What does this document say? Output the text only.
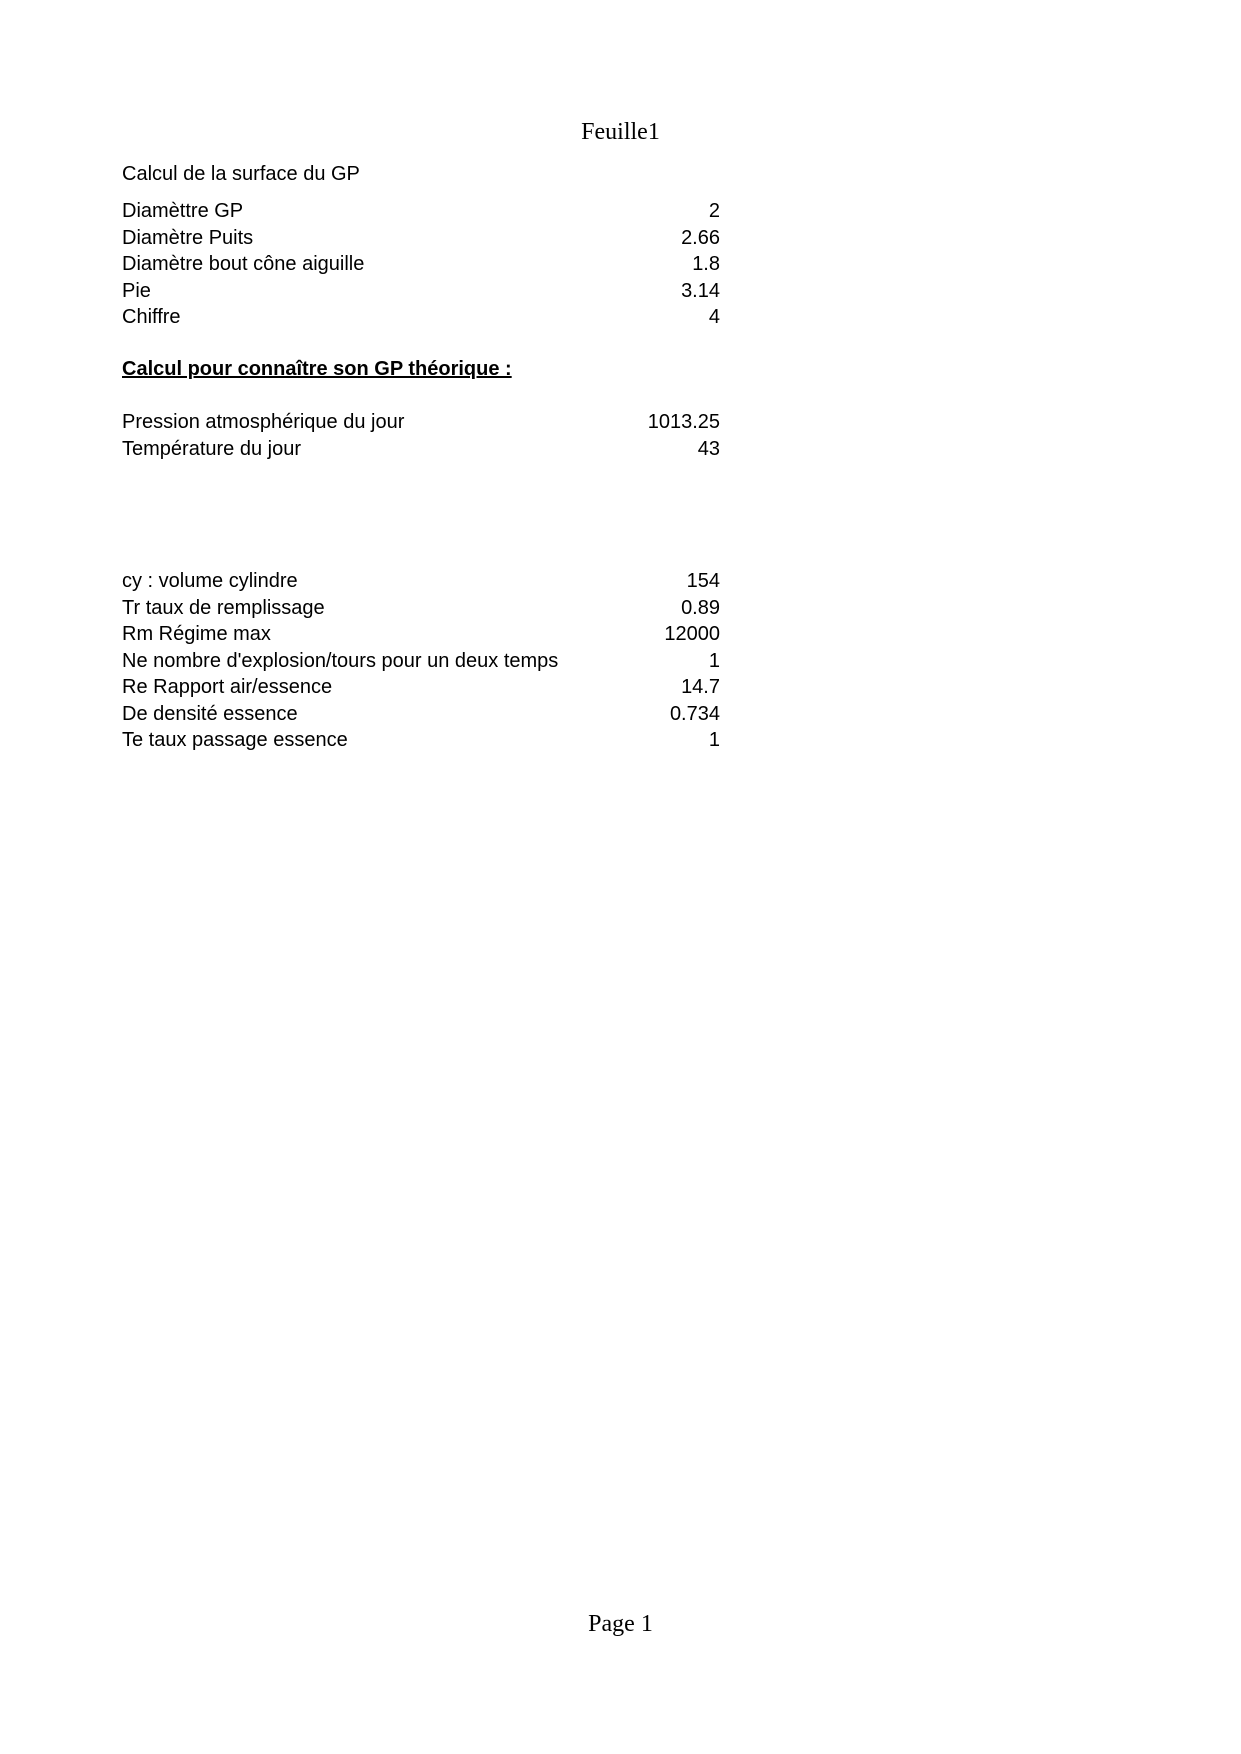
Feuille1
Calcul de la surface du GP
Diamèttre GP	2
Diamètre Puits	2.66
Diamètre bout cône aiguille	1.8
Pie	3.14
Chiffre	4
Calcul pour connaître son GP théorique :
Pression atmosphérique du jour	1013.25
Température du jour	43
cy : volume cylindre	154
Tr taux de remplissage	0.89
Rm Régime max	12000
Ne nombre d'explosion/tours pour un deux temps	1
Re Rapport air/essence	14.7
De densité essence	0.734
Te taux passage essence	1
Page 1
